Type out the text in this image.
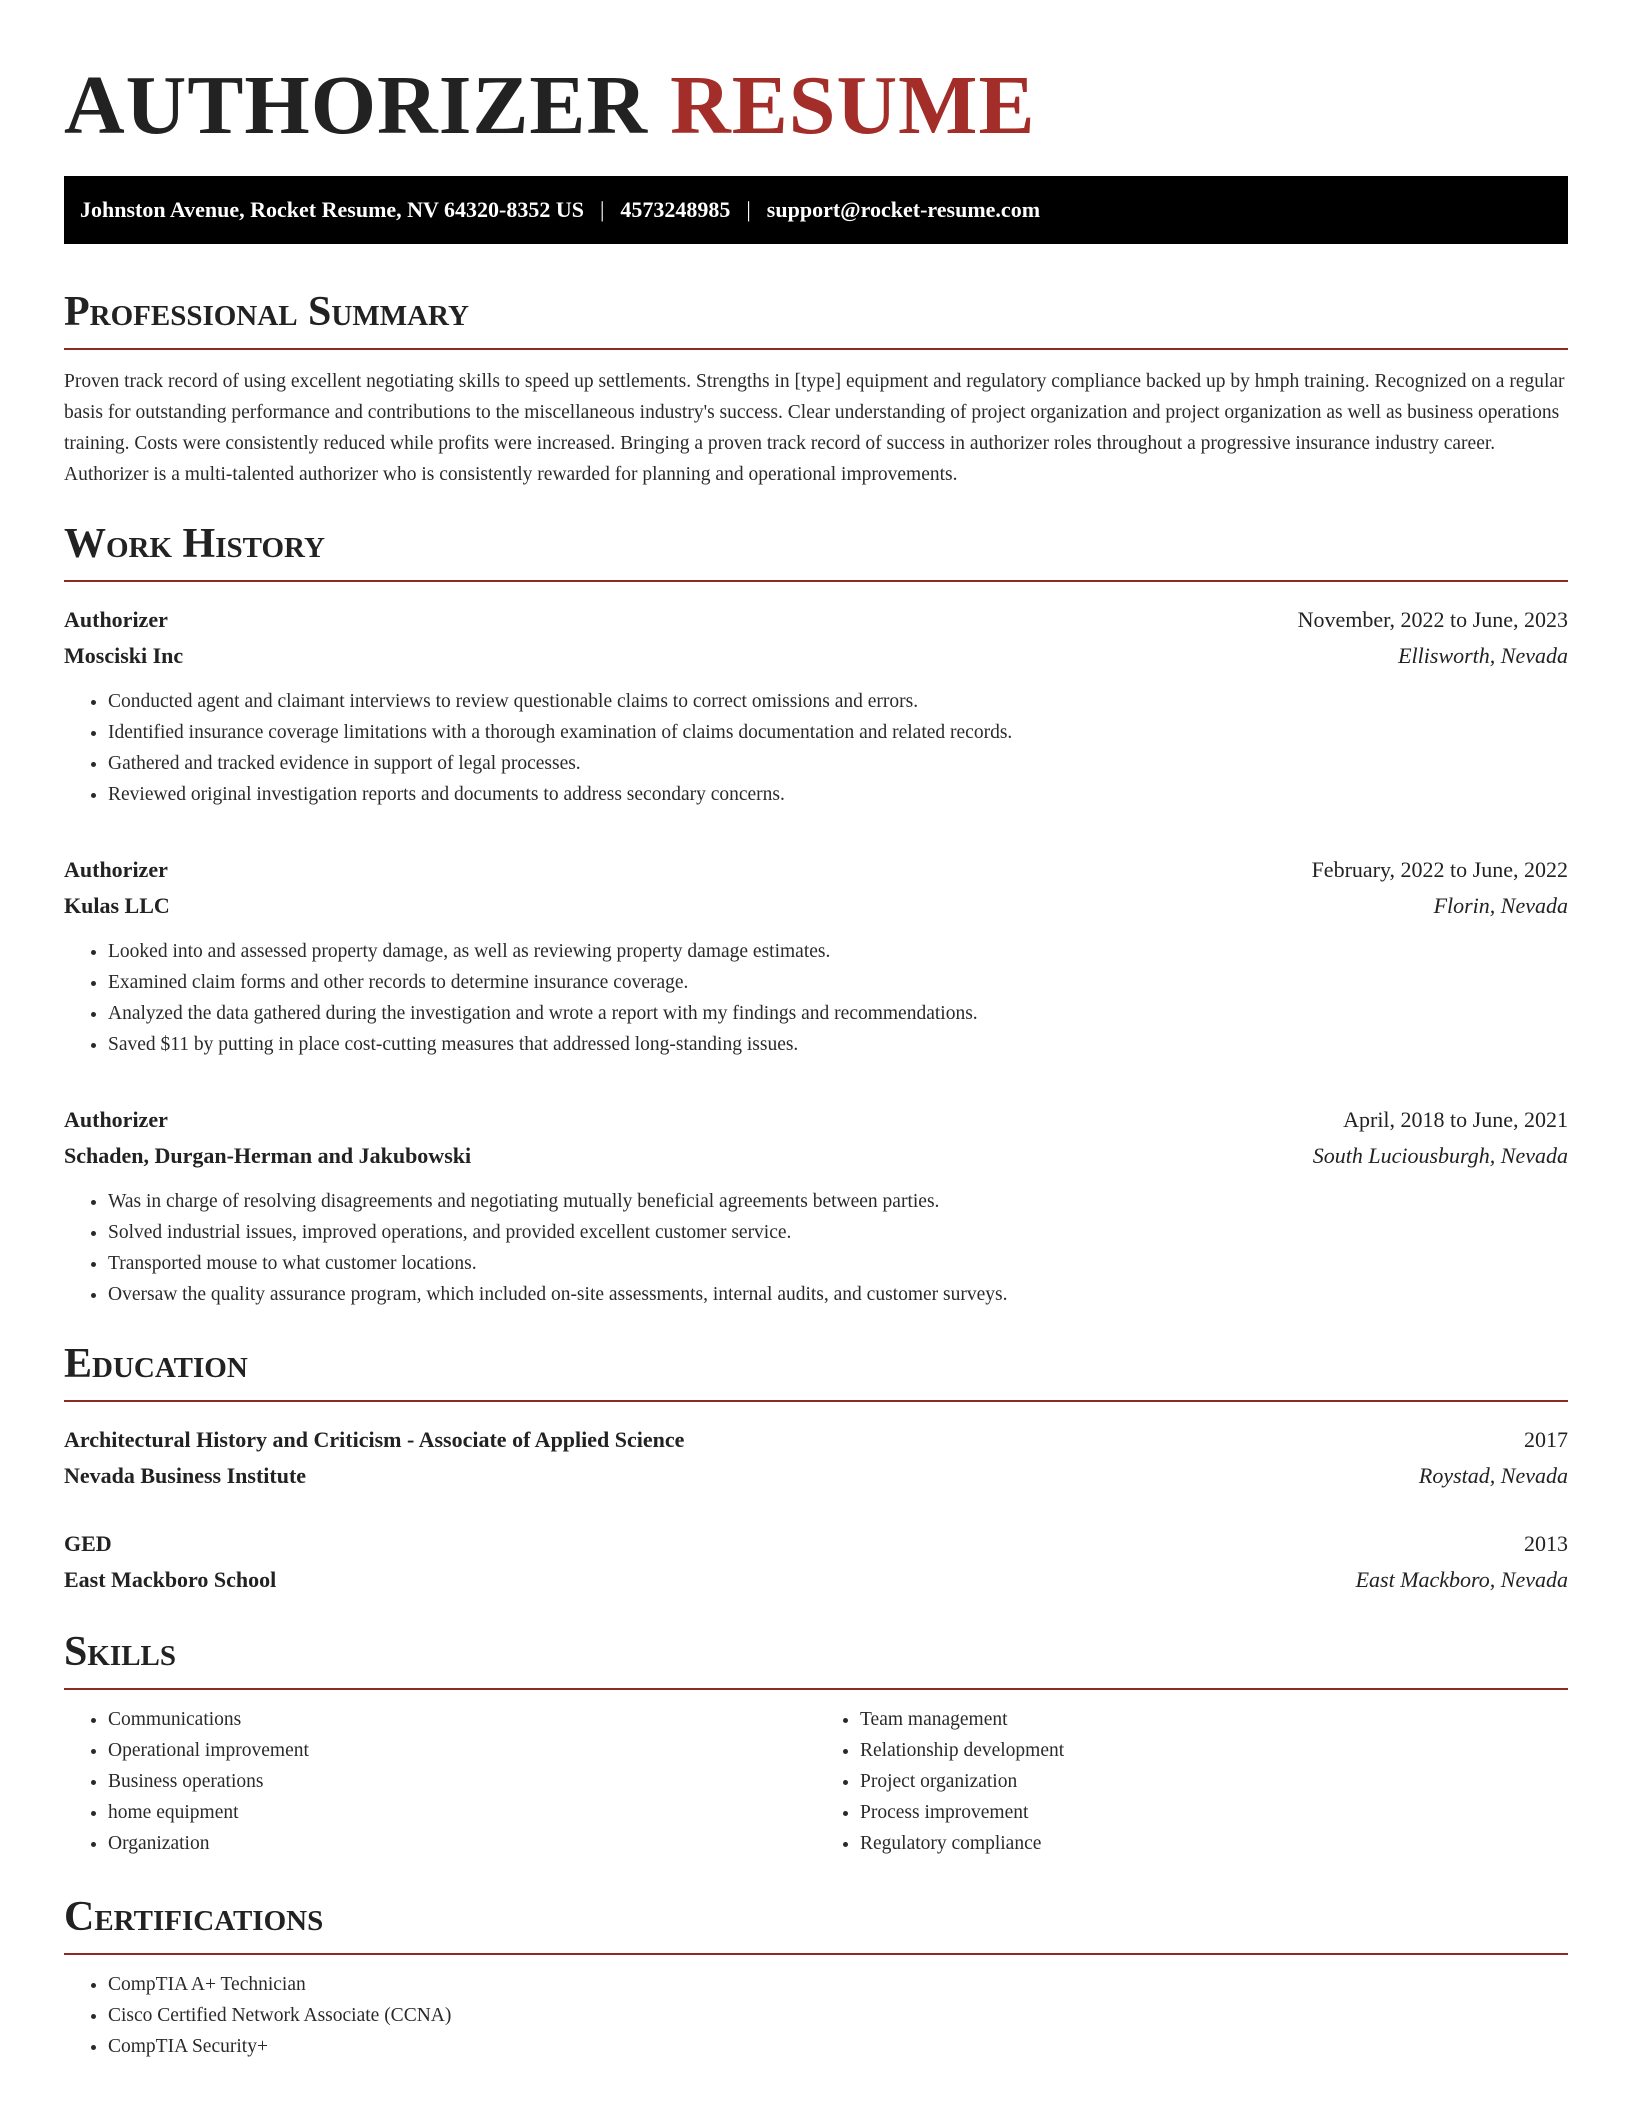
AUTHORIZER RESUME
Johnston Avenue, Rocket Resume, NV 64320-8352 US | 4573248985 | support@rocket-resume.com
Professional Summary

Proven track record of using excellent negotiating skills to speed up settlements. Strengths in [type] equipment and regulatory compliance backed up by hmph training. Recognized on a regular basis for outstanding performance and contributions to the miscellaneous industry's success. Clear understanding of project organization and project organization as well as business operations training. Costs were consistently reduced while profits were increased. Bringing a proven track record of success in authorizer roles throughout a progressive insurance industry career. Authorizer is a multi-talented authorizer who is consistently rewarded for planning and operational improvements.

Work History
Authorizer	November, 2022 to June, 2023
Mosciski Inc	Ellisworth, Nevada
• Conducted agent and claimant interviews to review questionable claims to correct omissions and errors.
• Identified insurance coverage limitations with a thorough examination of claims documentation and related records.
• Gathered and tracked evidence in support of legal processes.
• Reviewed original investigation reports and documents to address secondary concerns.
Authorizer	February, 2022 to June, 2022
Kulas LLC	Florin, Nevada
• Looked into and assessed property damage, as well as reviewing property damage estimates.
• Examined claim forms and other records to determine insurance coverage.
• Analyzed the data gathered during the investigation and wrote a report with my findings and recommendations.
• Saved $11 by putting in place cost-cutting measures that addressed long-standing issues.
Authorizer	April, 2018 to June, 2021
Schaden, Durgan-Herman and Jakubowski	South Luciousburgh, Nevada
• Was in charge of resolving disagreements and negotiating mutually beneficial agreements between parties.
• Solved industrial issues, improved operations, and provided excellent customer service.
• Transported mouse to what customer locations.
• Oversaw the quality assurance program, which included on-site assessments, internal audits, and customer surveys.
Education
Architectural History and Criticism - Associate of Applied Science	2017
Nevada Business Institute	Roystad, Nevada
GED	2013
East Mackboro School	East Mackboro, Nevada
Skills
• Communications
• Operational improvement
• Business operations
• home equipment
• Organization
• Team management
• Relationship development
• Project organization
• Process improvement
• Regulatory compliance
Certifications
• CompTIA A+ Technician
• Cisco Certified Network Associate (CCNA)
• CompTIA Security+
